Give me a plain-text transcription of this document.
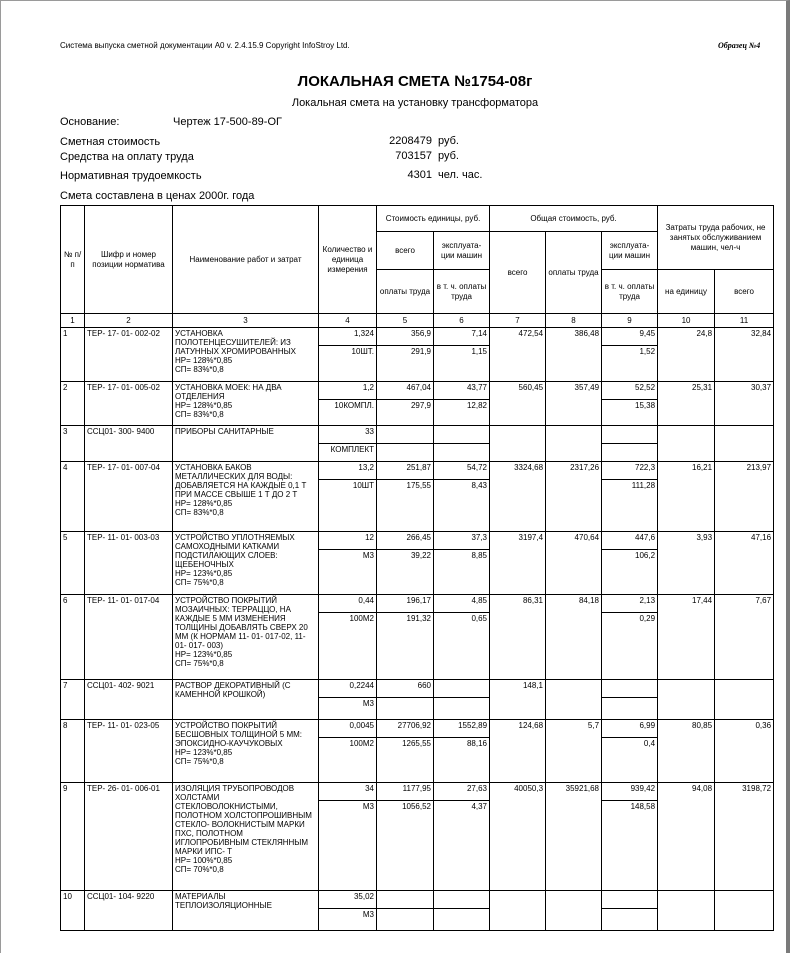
Система выпуска сметной документации А0 v. 2.4.15.9 Copyright InfoStroy Ltd.	Образец №4
ЛОКАЛЬНАЯ СМЕТА №1754-08г
Локальная смета на установку трансформатора
Основание:	Чертеж 17-500-89-ОГ
Сметная стоимость	2208479 руб.
Средства на оплату труда	703157 руб.
Нормативная трудоемкость	4301 чел. час.
Смета составлена в ценах 2000г. года
№ п/п	Шифр и номер позиции норматива	Наименование работ и затрат	Количество и единица измерения	Стоимость единицы, руб.		Общая стоимость, руб.			Затраты труда рабочих, не занятых обслуживанием машин, чел-ч	
				всего	эксплуата-ции машин	всего	оплаты труда	эксплуата-ции машин		
				оплаты труда	в т. ч. оплаты труда			в т. ч. оплаты труда	на единицу	всего
1	2	3	4	5	6	7	8	9	10	11
1	ТЕР- 17- 01- 002-02	УСТАНОВКА ПОЛОТЕНЦЕСУШИТЕЛЕЙ: ИЗ ЛАТУННЫХ ХРОМИРОВАННЫХ
НР= 128%*0,85
СП= 83%*0,8	1,324	356,9	7,14	472,54	386,48	9,45	24,8	32,84
			10ШТ.	291,9	1,15			1,52		
2	ТЕР- 17- 01- 005-02	УСТАНОВКА МОЕК: НА ДВА ОТДЕЛЕНИЯ
НР= 128%*0,85
СП= 83%*0,8	1,2	467,04	43,77	560,45	357,49	52,52	25,31	30,37
			10КОМПЛ.	297,9	12,82			15,38		
3	ССЦ01- 300- 9400	ПРИБОРЫ САНИТАРНЫЕ	33							
			КОМПЛЕКТ							
4	ТЕР- 17- 01- 007-04	УСТАНОВКА БАКОВ МЕТАЛЛИЧЕСКИХ ДЛЯ ВОДЫ: ДОБАВЛЯЕТСЯ НА КАЖДЫЕ 0,1 Т ПРИ МАССЕ СВЫШЕ 1 Т ДО 2 Т
НР= 128%*0,85
СП= 83%*0,8	13,2	251,87	54,72	3324,68	2317,26	722,3	16,21	213,97
			10ШТ	175,55	8,43			111,28		
5	ТЕР- 11- 01- 003-03	УСТРОЙСТВО УПЛОТНЯЕМЫХ САМОХОДНЫМИ КАТКАМИ ПОДСТИЛАЮЩИХ СЛОЕВ: ЩЕБЕНОЧНЫХ
НР= 123%*0,85
СП= 75%*0,8	12	266,45	37,3	3197,4	470,64	447,6	3,93	47,16
			М3	39,22	8,85			106,2		
6	ТЕР- 11- 01- 017-04	УСТРОЙСТВО ПОКРЫТИЙ МОЗАИЧНЫХ: ТЕРРАЦЦО, НА КАЖДЫЕ 5 ММ ИЗМЕНЕНИЯ ТОЛЩИНЫ ДОБАВЛЯТЬ СВЕРХ 20 ММ (К НОРМАМ 11- 01- 017-02, 11- 01- 017- 003)
НР= 123%*0,85
СП= 75%*0,8	0,44	196,17	4,85	86,31	84,18	2,13	17,44	7,67
			100М2	191,32	0,65			0,29		
7	ССЦ01- 402- 9021	РАСТВОР ДЕКОРАТИВНЫЙ (С КАМЕННОЙ КРОШКОЙ)	0,2244	660		148,1				
			М3							
8	ТЕР- 11- 01- 023-05	УСТРОЙСТВО ПОКРЫТИЙ БЕСШОВНЫХ ТОЛЩИНОЙ 5 ММ: ЭПОКСИДНО-КАУЧУКОВЫХ
НР= 123%*0,85
СП= 75%*0,8	0,0045	27706,92	1552,89	124,68	5,7	6,99	80,85	0,36
			100М2	1265,55	88,16			0,4		
9	ТЕР- 26- 01- 006-01	ИЗОЛЯЦИЯ ТРУБОПРОВОДОВ ХОЛСТАМИ СТЕКЛОВОЛОКНИСТЫМИ, ПОЛОТНОМ ХОЛСТОПРОШИВНЫМ СТЕКЛО- ВОЛОКНИСТЫМ МАРКИ ПХС, ПОЛОТНОМ ИГЛОПРОБИВНЫМ СТЕКЛЯННЫМ МАРКИ ИПС- Т
НР= 100%*0,85
СП= 70%*0,8	34	1177,95	27,63	40050,3	35921,68	939,42	94,08	3198,72
			М3	1056,52	4,37			148,58		
10	ССЦ01- 104- 9220	МАТЕРИАЛЫ ТЕПЛОИЗОЛЯЦИОННЫЕ	35,02							
			М3							
